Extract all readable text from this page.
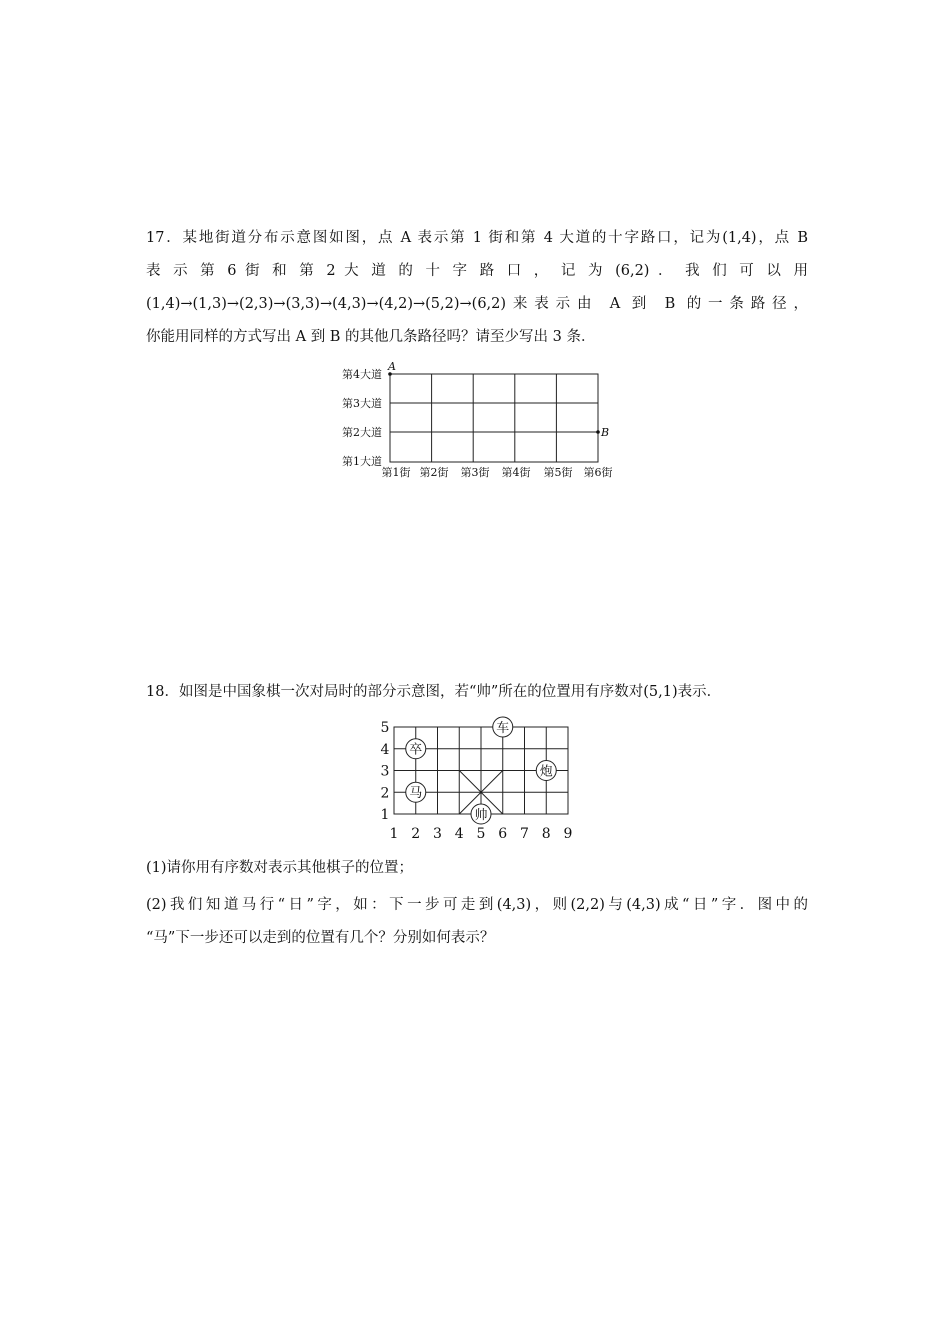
17．某地街道分布示意图如图，点 A 表示第 1 街和第 4 大道的十字路口，记为(1,4)，点 B
表 示 第 6 街 和 第 2 大 道 的 十 字 路 口 ， 记 为 (6,2) ． 我 们 可 以 用
(1,4)→(1,3)→(2,3)→(3,3)→(4,3)→(4,2)→(5,2)→(6,2)来表示由 A 到 B 的一条路径，
你能用同样的方式写出 A 到 B 的其他几条路径吗？请至少写出 3 条．
A
B
第4大道
第3大道
第2大道
第1大道
第1街 第2街 第3街 第4街 第5街 第6街
18．如图是中国象棋一次对局时的部分示意图，若“帅”所在的位置用有序数对(5,1)表示．
5
4
3
2
1
1 2 3 4 5 6 7 8 9
卒
车
炮
马
帅
(1)请你用有序数对表示其他棋子的位置；
(2)我们知道马行“日”字，如：下一步可走到(4,3)，则(2,2)与(4,3)成“日”字．图中的
“马”下一步还可以走到的位置有几个？分别如何表示？
